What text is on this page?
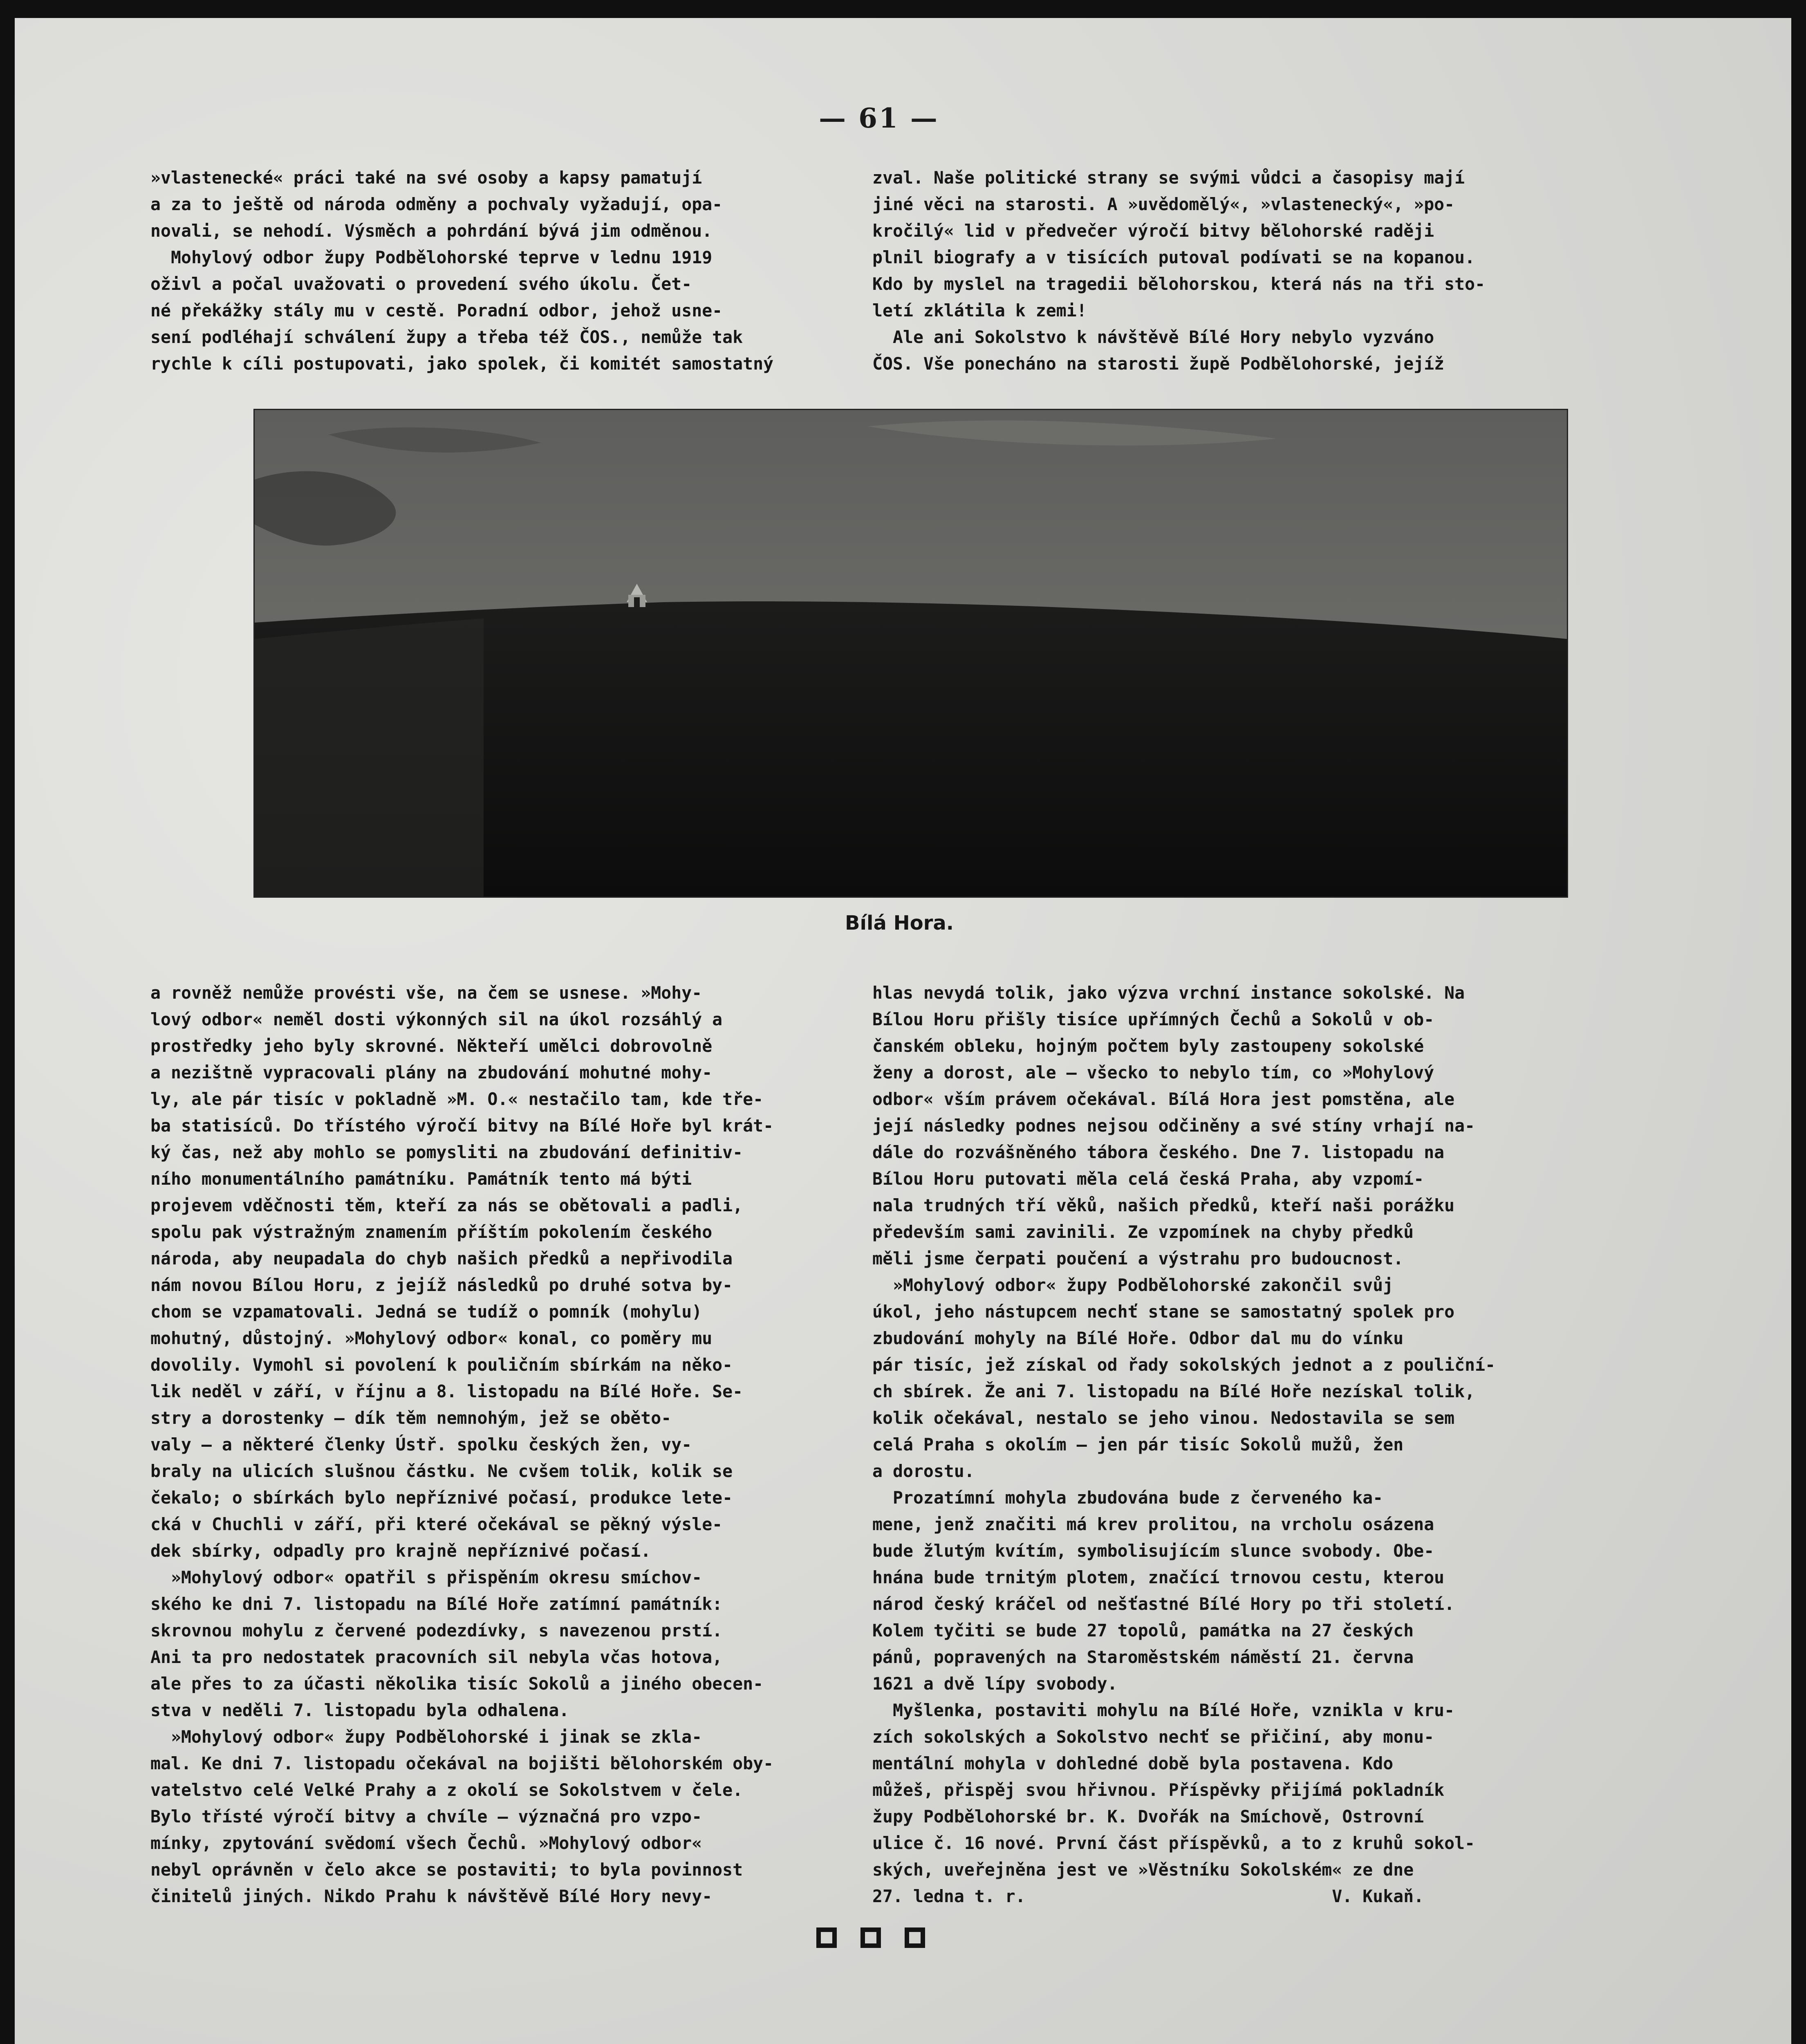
— 61 —
»vlastenecké« práci také na své osoby a kapsy pamatují
a za to ještě od národa odměny a pochvaly vyžadují, opa-
novali, se nehodí. Výsměch a pohrdání bývá jim odměnou.
Mohylový odbor župy Podbělohorské teprve v lednu 1919
oživl a počal uvažovati o provedení svého úkolu. Čet-
né překážky stály mu v cestě. Poradní odbor, jehož usne-
sení podléhají schválení župy a třeba též ČOS., nemůže tak
rychle k cíli postupovati, jako spolek, či komitét samostatný
zval. Naše politické strany se svými vůdci a časopisy mají
jiné věci na starosti. A »uvědomělý«, »vlastenecký«, »po-
kročilý« lid v předvečer výročí bitvy bělohorské raději
plnil biografy a v tisících putoval podívati se na kopanou.
Kdo by myslel na tragedii bělohorskou, která nás na tři sto-
letí zklátila k zemi!
Ale ani Sokolstvo k návštěvě Bílé Hory nebylo vyzváno
ČOS. Vše ponecháno na starosti župě Podbělohorské, jejíž
Bílá Hora.
a rovněž nemůže provésti vše, na čem se usnese. »Mohy-
lový odbor« neměl dosti výkonných sil na úkol rozsáhlý a
prostředky jeho byly skrovné. Někteří umělci dobrovolně
a nezištně vypracovali plány na zbudování mohutné mohy-
ly, ale pár tisíc v pokladně »M. O.« nestačilo tam, kde tře-
ba statisíců. Do třístého výročí bitvy na Bílé Hoře byl krát-
ký čas, než aby mohlo se pomysliti na zbudování definitiv-
ního monumentálního památníku. Památník tento má býti
projevem vděčnosti těm, kteří za nás se obětovali a padli,
spolu pak výstražným znamením příštím pokolením českého
národa, aby neupadala do chyb našich předků a nepřivodila
nám novou Bílou Horu, z jejíž následků po druhé sotva by-
chom se vzpamatovali. Jedná se tudíž o pomník (mohylu)
mohutný, důstojný. »Mohylový odbor« konal, co poměry mu
dovolily. Vymohl si povolení k pouličním sbírkám na něko-
lik neděl v září, v říjnu a 8. listopadu na Bílé Hoře. Se-
stry a dorostenky — dík těm nemnohým, jež se oběto-
valy — a některé členky Ústř. spolku českých žen, vy-
braly na ulicích slušnou částku. Ne cvšem tolik, kolik se
čekalo; o sbírkách bylo nepříznivé počasí, produkce lete-
cká v Chuchli v září, při které očekával se pěkný výsle-
dek sbírky, odpadly pro krajně nepříznivé počasí.
»Mohylový odbor« opatřil s přispěním okresu smíchov-
ského ke dni 7. listopadu na Bílé Hoře zatímní památník:
skrovnou mohylu z červené podezdívky, s navezenou prstí.
Ani ta pro nedostatek pracovních sil nebyla včas hotova,
ale přes to za účasti několika tisíc Sokolů a jiného obecen-
stva v neděli 7. listopadu byla odhalena.
»Mohylový odbor« župy Podbělohorské i jinak se zkla-
mal. Ke dni 7. listopadu očekával na bojišti bělohorském oby-
vatelstvo celé Velké Prahy a z okolí se Sokolstvem v čele.
Bylo třísté výročí bitvy a chvíle — význačná pro vzpo-
mínky, zpytování svědomí všech Čechů. »Mohylový odbor«
nebyl oprávněn v čelo akce se postaviti; to byla povinnost
činitelů jiných. Nikdo Prahu k návštěvě Bílé Hory nevy-
hlas nevydá tolik, jako výzva vrchní instance sokolské. Na
Bílou Horu přišly tisíce upřímných Čechů a Sokolů v ob-
čanském obleku, hojným počtem byly zastoupeny sokolské
ženy a dorost, ale — všecko to nebylo tím, co »Mohylový
odbor« vším právem očekával. Bílá Hora jest pomstěna, ale
její následky podnes nejsou odčiněny a své stíny vrhají na-
dále do rozvášněného tábora českého. Dne 7. listopadu na
Bílou Horu putovati měla celá česká Praha, aby vzpomí-
nala trudných tří věků, našich předků, kteří naši porážku
především sami zavinili. Ze vzpomínek na chyby předků
měli jsme čerpati poučení a výstrahu pro budoucnost.
»Mohylový odbor« župy Podbělohorské zakončil svůj
úkol, jeho nástupcem nechť stane se samostatný spolek pro
zbudování mohyly na Bílé Hoře. Odbor dal mu do vínku
pár tisíc, jež získal od řady sokolských jednot a z pouliční-
ch sbírek. Že ani 7. listopadu na Bílé Hoře nezískal tolik,
kolik očekával, nestalo se jeho vinou. Nedostavila se sem
celá Praha s okolím — jen pár tisíc Sokolů mužů, žen
a dorostu.
Prozatímní mohyla zbudována bude z červeného ka-
mene, jenž značiti má krev prolitou, na vrcholu osázena
bude žlutým kvítím, symbolisujícím slunce svobody. Obe-
hnána bude trnitým plotem, značící trnovou cestu, kterou
národ český kráčel od nešťastné Bílé Hory po tři století.
Kolem tyčiti se bude 27 topolů, památka na 27 českých
pánů, popravených na Staroměstském náměstí 21. června
1621 a dvě lípy svobody.
Myšlenka, postaviti mohylu na Bílé Hoře, vznikla v kru-
zích sokolských a Sokolstvo nechť se přičiní, aby monu-
mentální mohyla v dohledné době byla postavena. Kdo
můžeš, přispěj svou hřivnou. Příspěvky přijímá pokladník
župy Podbělohorské br. K. Dvořák na Smíchově, Ostrovní
ulice č. 16 nové. První část příspěvků, a to z kruhů sokol-
ských, uveřejněna jest ve »Věstníku Sokolském« ze dne
27. ledna t. r.                              V. Kukaň.
